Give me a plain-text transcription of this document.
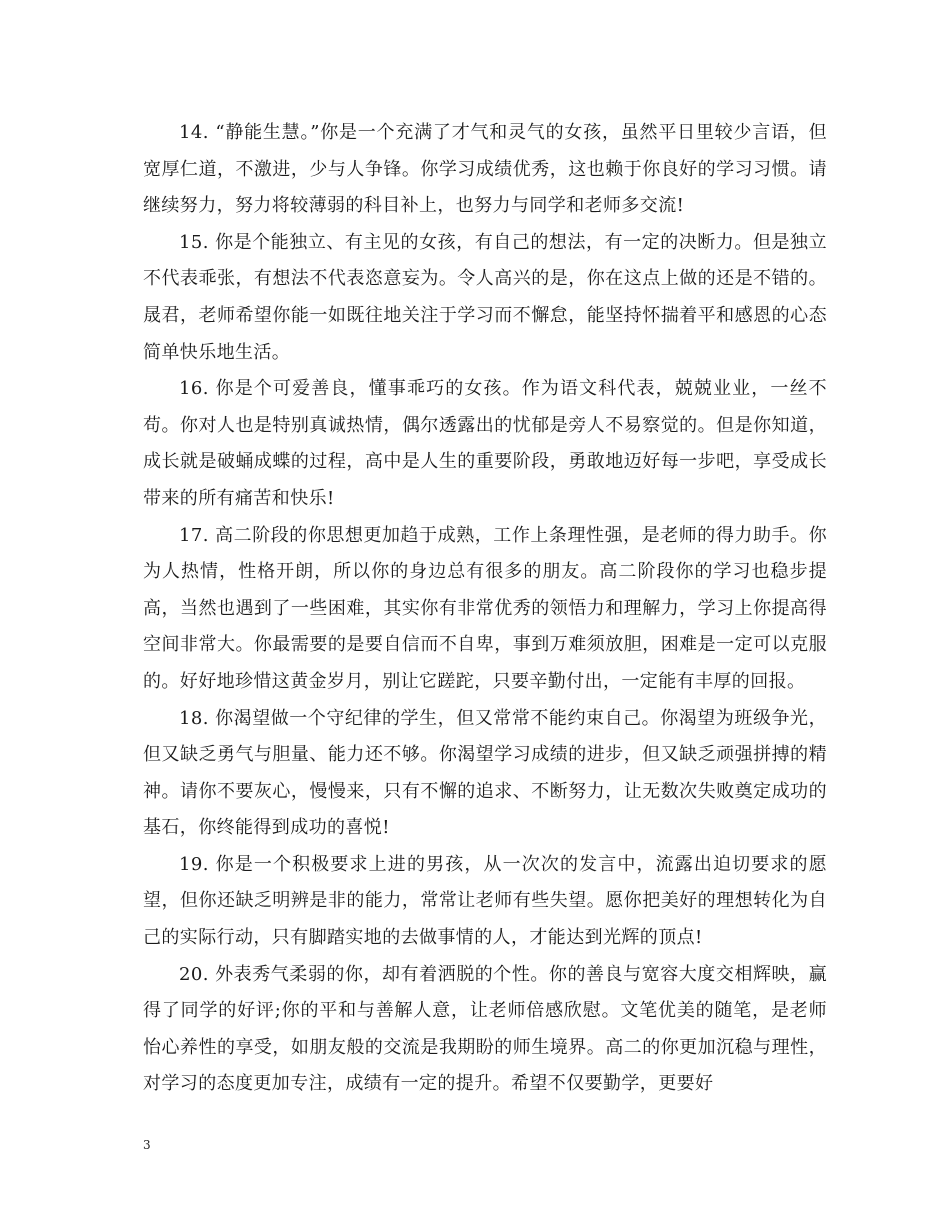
14. “静能生慧。”你是一个充满了才气和灵气的女孩，虽然平日里较少言语，但宽厚仁道，不激进，少与人争锋。你学习成绩优秀，这也赖于你良好的学习习惯。请继续努力，努力将较薄弱的科目补上，也努力与同学和老师多交流!

15. 你是个能独立、有主见的女孩，有自己的想法，有一定的决断力。但是独立不代表乖张，有想法不代表恣意妄为。令人高兴的是，你在这点上做的还是不错的。晟君，老师希望你能一如既往地关注于学习而不懈怠，能坚持怀揣着平和感恩的心态简单快乐地生活。

16. 你是个可爱善良，懂事乖巧的女孩。作为语文科代表，兢兢业业，一丝不苟。你对人也是特别真诚热情，偶尔透露出的忧郁是旁人不易察觉的。但是你知道，成长就是破蛹成蝶的过程，高中是人生的重要阶段，勇敢地迈好每一步吧，享受成长带来的所有痛苦和快乐!

17. 高二阶段的你思想更加趋于成熟，工作上条理性强，是老师的得力助手。你为人热情，性格开朗，所以你的身边总有很多的朋友。高二阶段你的学习也稳步提高，当然也遇到了一些困难，其实你有非常优秀的领悟力和理解力，学习上你提高得空间非常大。你最需要的是要自信而不自卑，事到万难须放胆，困难是一定可以克服的。好好地珍惜这黄金岁月，别让它蹉跎，只要辛勤付出，一定能有丰厚的回报。

18. 你渴望做一个守纪律的学生，但又常常不能约束自己。你渴望为班级争光，但又缺乏勇气与胆量、能力还不够。你渴望学习成绩的进步，但又缺乏顽强拼搏的精神。请你不要灰心，慢慢来，只有不懈的追求、不断努力，让无数次失败奠定成功的基石，你终能得到成功的喜悦!

19. 你是一个积极要求上进的男孩，从一次次的发言中，流露出迫切要求的愿望，但你还缺乏明辨是非的能力，常常让老师有些失望。愿你把美好的理想转化为自己的实际行动，只有脚踏实地的去做事情的人，才能达到光辉的顶点!

20. 外表秀气柔弱的你，却有着洒脱的个性。你的善良与宽容大度交相辉映，赢得了同学的好评;你的平和与善解人意，让老师倍感欣慰。文笔优美的随笔，是老师怡心养性的享受，如朋友般的交流是我期盼的师生境界。高二的你更加沉稳与理性，对学习的态度更加专注，成绩有一定的提升。希望不仅要勤学，更要好

3
